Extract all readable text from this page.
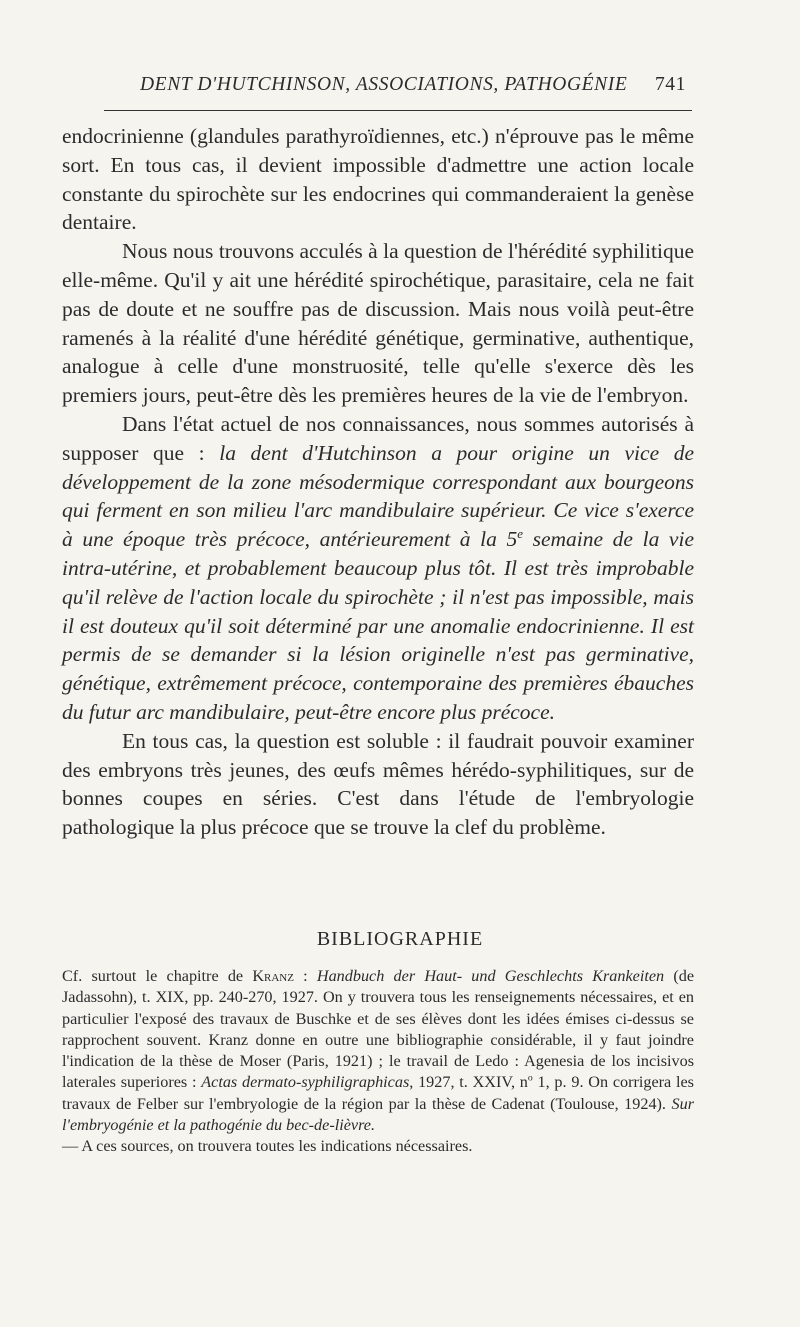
DENT D'HUTCHINSON, ASSOCIATIONS, PATHOGÉNIE 741

endocrinienne (glandules parathyroïdiennes, etc.) n'éprouve pas le même sort. En tous cas, il devient impossible d'admettre une action locale constante du spirochète sur les endocrines qui commanderaient la genèse dentaire.

Nous nous trouvons acculés à la question de l'hérédité syphilitique elle-même. Qu'il y ait une hérédité spirochétique, parasitaire, cela ne fait pas de doute et ne souffre pas de discussion. Mais nous voilà peut-être ramenés à la réalité d'une hérédité génétique, germinative, authentique, analogue à celle d'une monstruosité, telle qu'elle s'exerce dès les premiers jours, peut-être dès les premières heures de la vie de l'embryon.

Dans l'état actuel de nos connaissances, nous sommes autorisés à supposer que : la dent d'Hutchinson a pour origine un vice de développement de la zone mésodermique correspondant aux bourgeons qui ferment en son milieu l'arc mandibulaire supérieur. Ce vice s'exerce à une époque très précoce, antérieurement à la 5e semaine de la vie intra-utérine, et probablement beaucoup plus tôt. Il est très improbable qu'il relève de l'action locale du spirochète ; il n'est pas impossible, mais il est douteux qu'il soit déterminé par une anomalie endocrinienne. Il est permis de se demander si la lésion originelle n'est pas germinative, génétique, extrêmement précoce, contemporaine des premières ébauches du futur arc mandibulaire, peut-être encore plus précoce.

En tous cas, la question est soluble : il faudrait pouvoir examiner des embryons très jeunes, des œufs mêmes hérédo-syphilitiques, sur de bonnes coupes en séries. C'est dans l'étude de l'embryologie pathologique la plus précoce que se trouve la clef du problème.

BIBLIOGRAPHIE

Cf. surtout le chapitre de Kranz : Handbuch der Haut- und Geschlechts Krankeiten (de Jadassohn), t. XIX, pp. 240-270, 1927. On y trouvera tous les renseignements nécessaires, et en particulier l'exposé des travaux de Buschke et de ses élèves dont les idées émises ci-dessus se rapprochent souvent. Kranz donne en outre une bibliographie considérable, il y faut joindre l'indication de la thèse de Moser (Paris, 1921) ; le travail de Ledo : Agenesia de los incisivos laterales superiores : Actas dermato-syphiligraphicas, 1927, t. XXIV, $n^o$ 1, p. 9. On corrigera les travaux de Felber sur l'embryologie de la région par la thèse de Cadenat (Toulouse, 1924). Sur l'embryogénie et la pathogénie du bec-de-lièvre.

— A ces sources, on trouvera toutes les indications nécessaires.
